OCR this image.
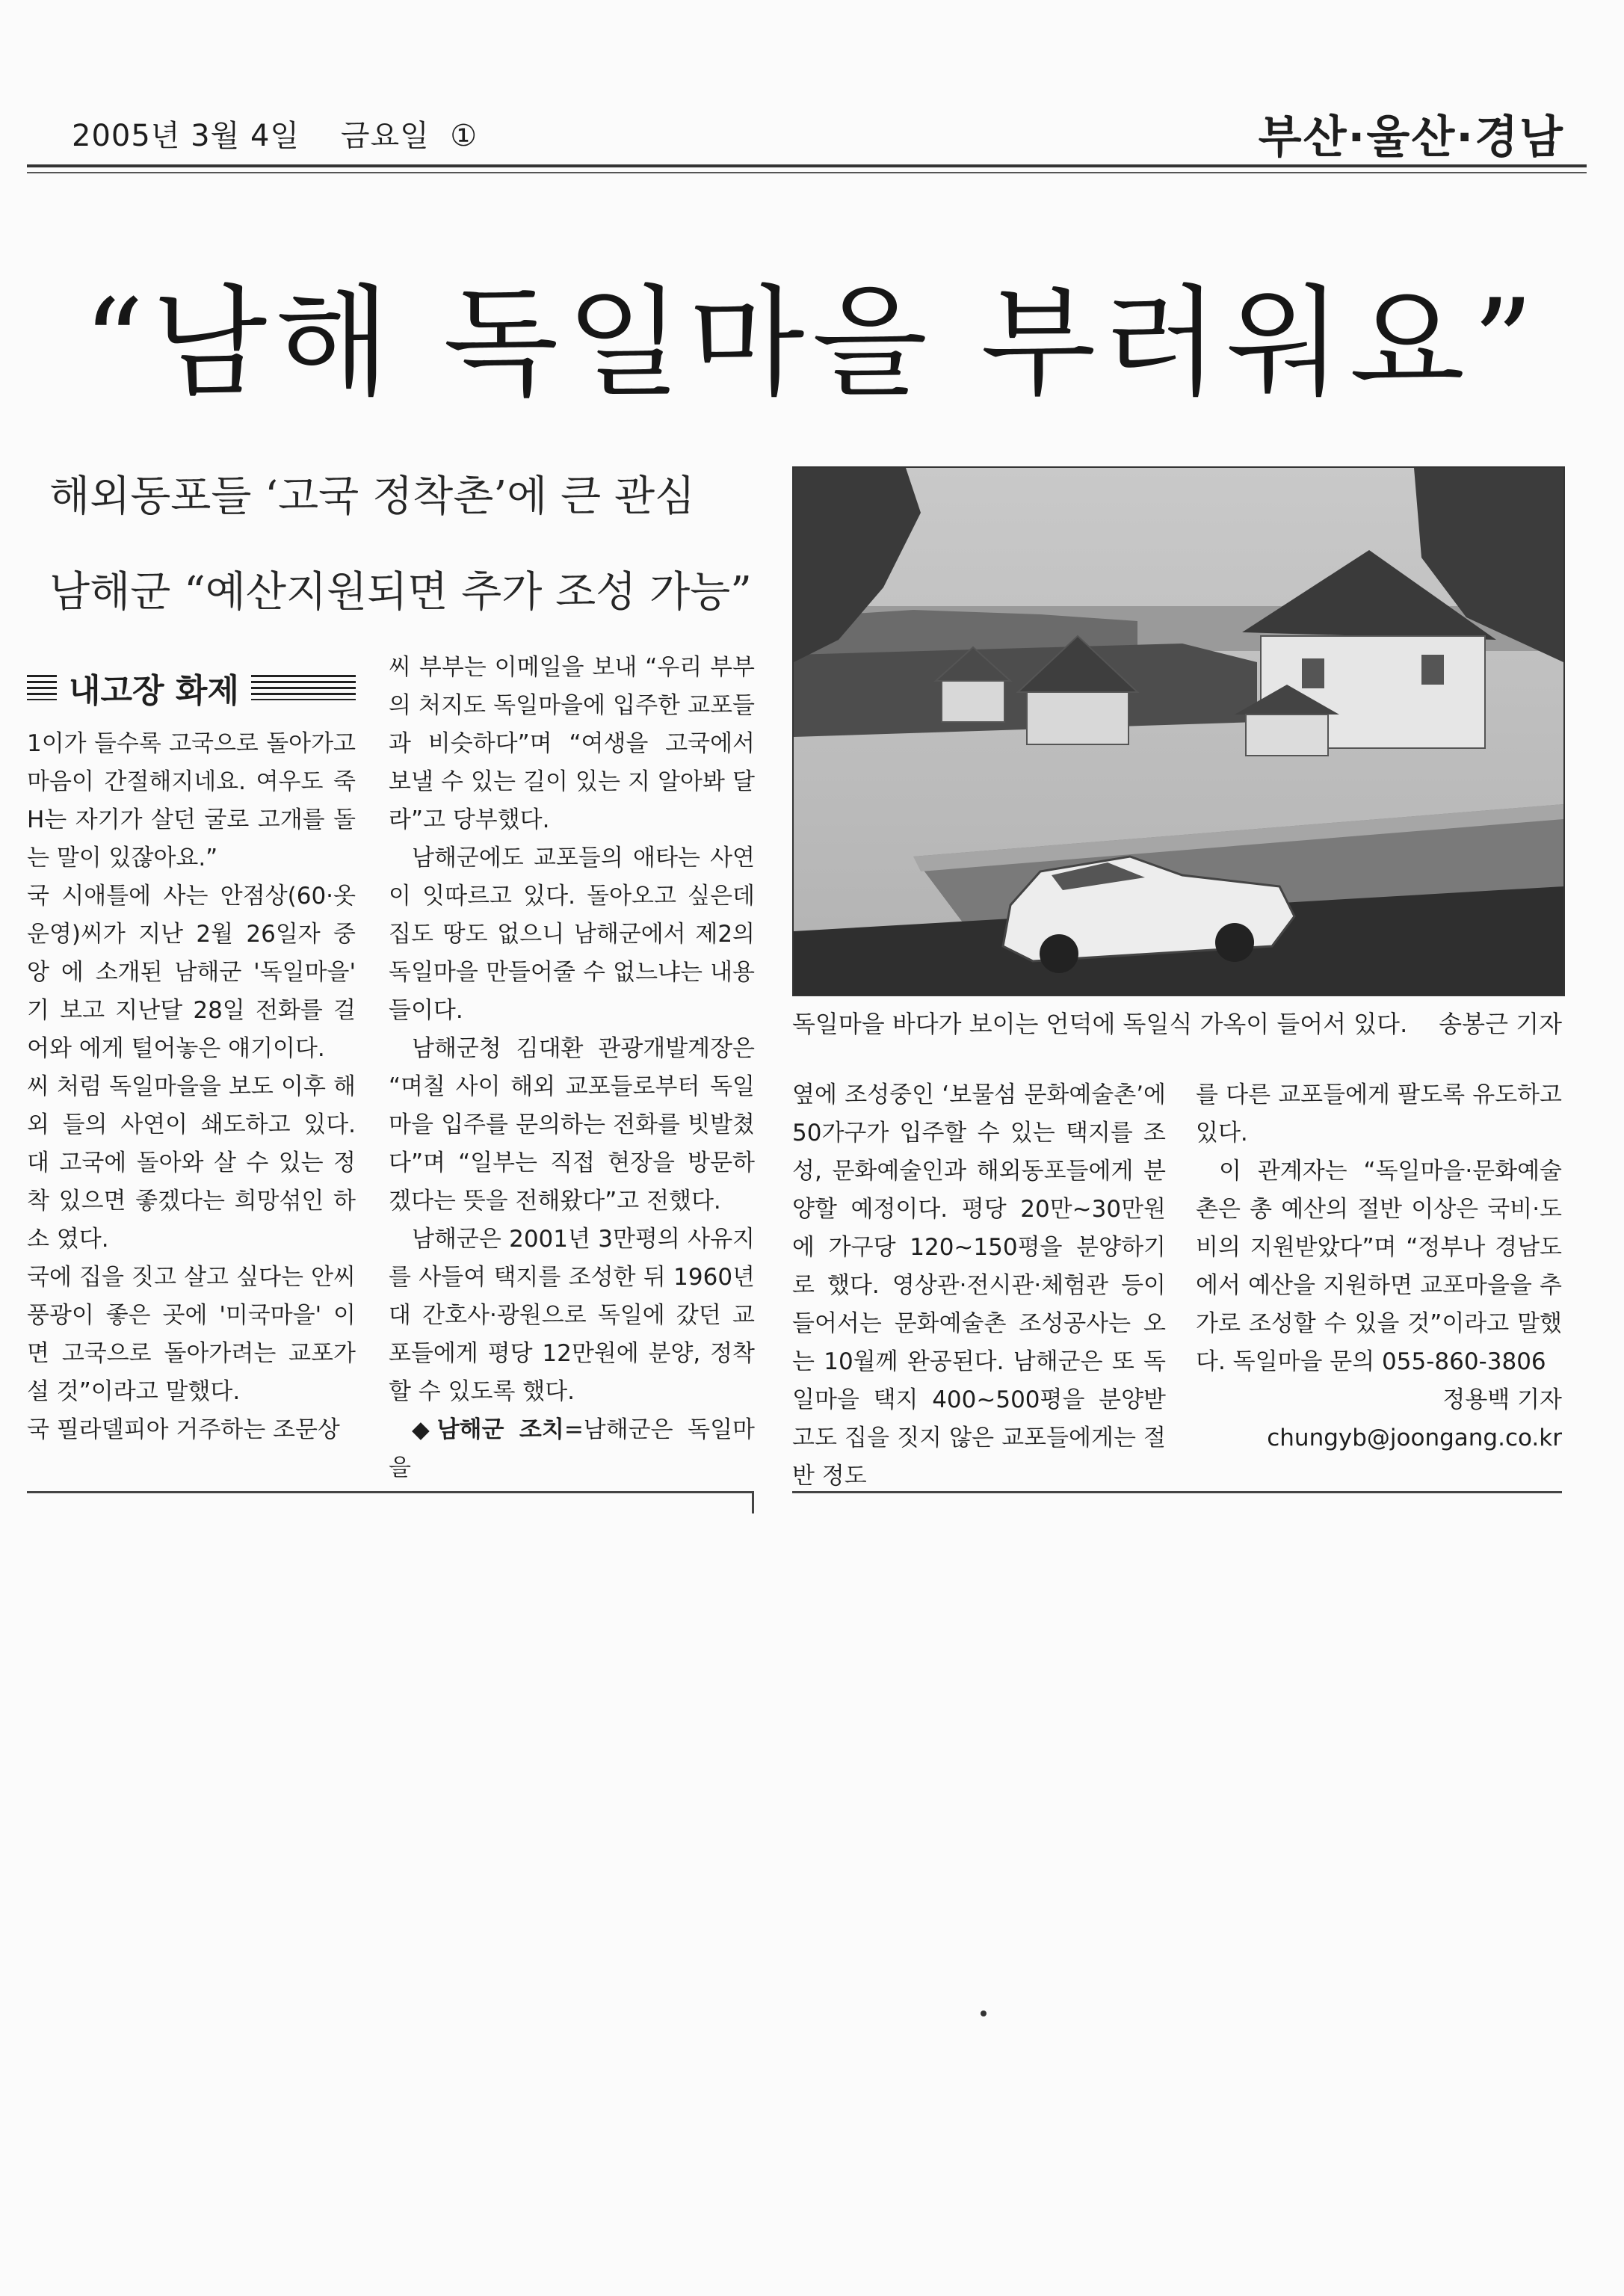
2005년 3월 4일 금요일 ①	부산·울산·경남
“남해 독일마을 부러워요”
해외동포들 ‘고국 정착촌’에 큰 관심
남해군 “예산지원되면 추가 조성 가능”
내고장 화제
독일마을 바다가 보이는 언덕에 독일식 가옥이 들어서 있다. 송봉근 기자

1이가 들수록 고국으로 돌아가고 마음이 간절해지네요. 여우도 죽 H는 자기가 살던 굴로 고개를 돌 는 말이 있잖아요.”

국 시애틀에 사는 안점상(60·옷 운영)씨가 지난 2월 26일자 중앙 에 소개된 남해군 '독일마을' 기 보고 지난달 28일 전화를 걸어와 에게 털어놓은 얘기이다.

씨 처럼 독일마을을 보도 이후 해외 들의 사연이 쇄도하고 있다. 대 고국에 돌아와 살 수 있는 정착 있으면 좋겠다는 희망섞인 하소 였다.

국에 집을 짓고 살고 싶다는 안씨 풍광이 좋은 곳에 '미국마을' 이 면 고국으로 돌아가려는 교포가 설 것”이라고 말했다.

국 필라델피아 거주하는 조문상

씨 부부는 이메일을 보내 “우리 부부의 처지도 독일마을에 입주한 교포들과 비슷하다”며 “여생을 고국에서 보낼 수 있는 길이 있는 지 알아봐 달라”고 당부했다.

남해군에도 교포들의 애타는 사연이 잇따르고 있다. 돌아오고 싶은데 집도 땅도 없으니 남해군에서 제2의 독일마을 만들어줄 수 없느냐는 내용들이다.

남해군청 김대환 관광개발계장은 “며칠 사이 해외 교포들로부터 독일마을 입주를 문의하는 전화를 빗발쳤다”며 “일부는 직접 현장을 방문하겠다는 뜻을 전해왔다”고 전했다.

남해군은 2001년 3만평의 사유지를 사들여 택지를 조성한 뒤 1960년대 간호사·광원으로 독일에 갔던 교포들에게 평당 12만원에 분양, 정착할 수 있도록 했다.

◆남해군 조치=남해군은 독일마을

옆에 조성중인 ‘보물섬 문화예술촌’에 50가구가 입주할 수 있는 택지를 조성, 문화예술인과 해외동포들에게 분양할 예정이다. 평당 20만~30만원에 가구당 120~150평을 분양하기로 했다. 영상관·전시관·체험관 등이 들어서는 문화예술촌 조성공사는 오는 10월께 완공된다. 남해군은 또 독일마을 택지 400~500평을 분양받고도 집을 짓지 않은 교포들에게는 절반 정도

를 다른 교포들에게 팔도록 유도하고 있다.

이 관계자는 “독일마을·문화예술촌은 총 예산의 절반 이상은 국비·도비의 지원받았다”며 “정부나 경남도에서 예산을 지원하면 교포마을을 추가로 조성할 수 있을 것”이라고 말했다. 독일마을 문의 055-860-3806

정용백 기자
chungyb@joongang.co.kr
